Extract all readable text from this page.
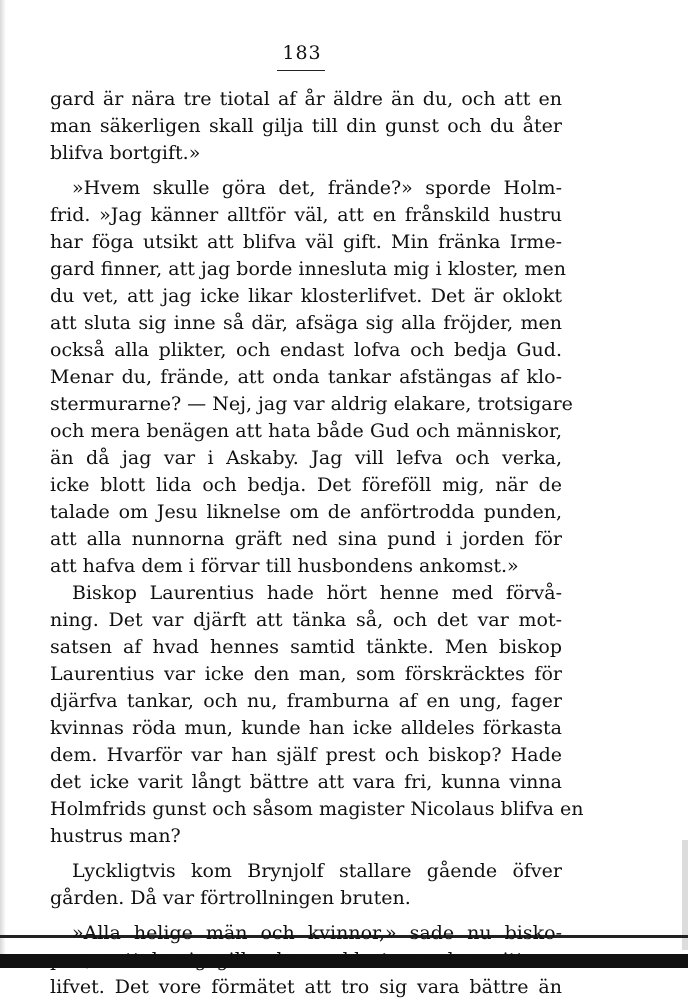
183

gard är nära tre tiotal af år äldre än du, och att en
man säkerligen skall gilja till din gunst och du åter
blifva bortgift.»

»Hvem skulle göra det, frände?» sporde Holm-
frid. »Jag känner alltför väl, att en frånskild hustru
har föga utsikt att blifva väl gift. Min fränka Irme-
gard finner, att jag borde innesluta mig i kloster, men
du vet, att jag icke likar klosterlifvet. Det är oklokt
att sluta sig inne så där, afsäga sig alla fröjder, men
också alla plikter, och endast lofva och bedja Gud.
Menar du, frände, att onda tankar afstängas af klo-
stermurarne? — Nej, jag var aldrig elakare, trotsigare
och mera benägen att hata både Gud och människor,
än då jag var i Askaby. Jag vill lefva och verka,
icke blott lida och bedja. Det föreföll mig, när de
talade om Jesu liknelse om de anförtrodda punden,
att alla nunnorna gräft ned sina pund i jorden för
att hafva dem i förvar till husbondens ankomst.»

Biskop Laurentius hade hört henne med förvå-
ning. Det var djärft att tänka så, och det var mot-
satsen af hvad hennes samtid tänkte. Men biskop
Laurentius var icke den man, som förskräcktes för
djärfva tankar, och nu, framburna af en ung, fager
kvinnas röda mun, kunde han icke alldeles förkasta
dem. Hvarför var han själf prest och biskop? Hade
det icke varit långt bättre att vara fri, kunna vinna
Holmfrids gunst och såsom magister Nicolaus blifva en
hustrus man?

Lyckligtvis kom Brynjolf stallare gående öfver
gården. Då var förtrollningen bruten.

»Alla helige män och kvinnor,» sade nu bisko-
pen, »uttala sig gillande om kloster- och ensittare-
lifvet. Det vore förmätet att tro sig vara bättre än
